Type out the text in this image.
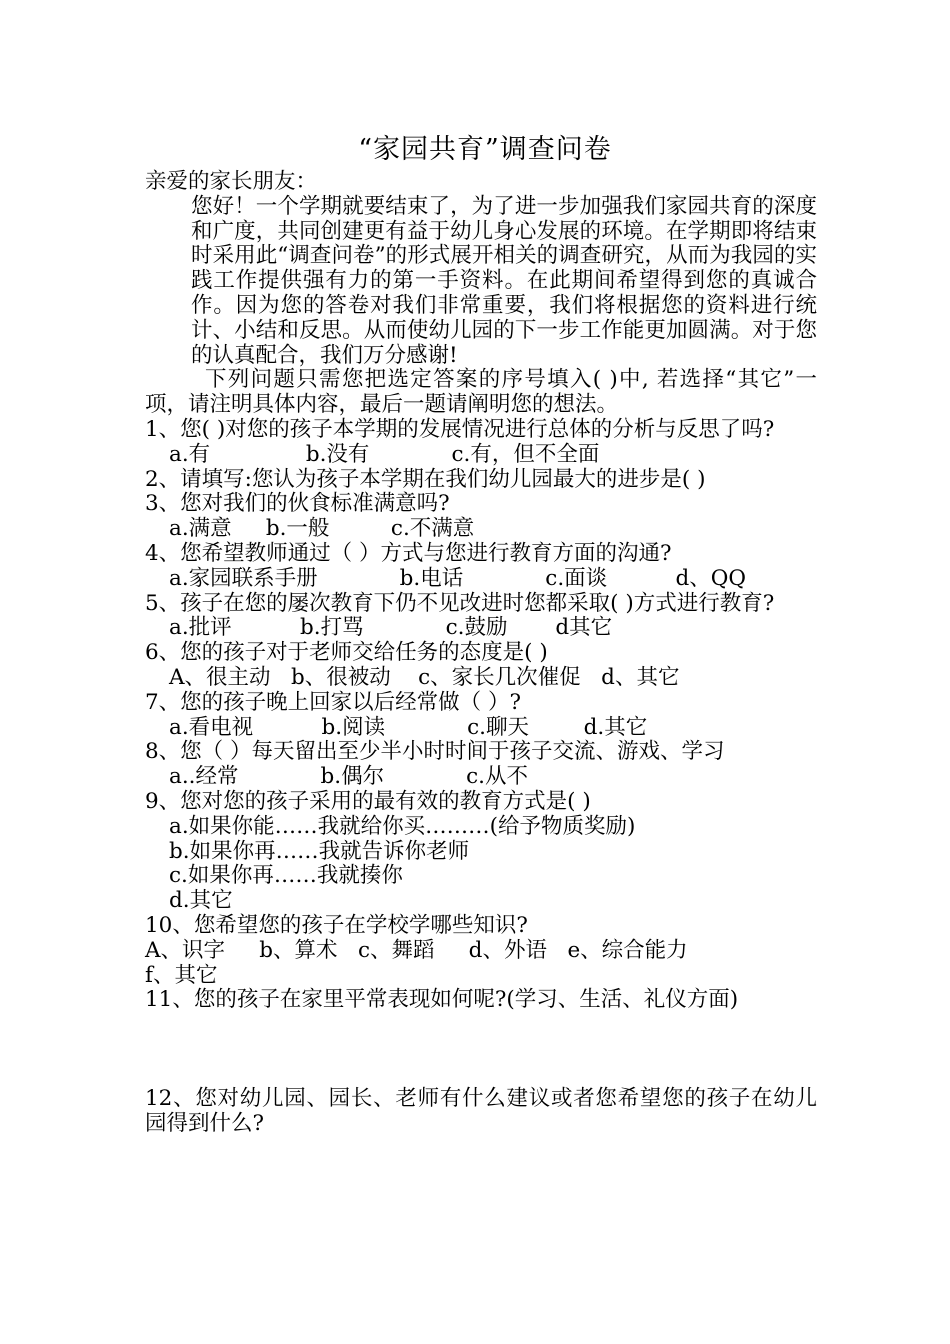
“家园共育”调查问卷
亲爱的家长朋友：
您好！一个学期就要结束了，为了进一步加强我们家园共育的深度和广度，共同创建更有益于幼儿身心发展的环境。在学期即将结束时采用此“调查问卷”的形式展开相关的调查研究，从而为我园的实践工作提供强有力的第一手资料。在此期间希望得到您的真诚合作。因为您的答卷对我们非常重要，我们将根据您的资料进行统计、小结和反思。从而使幼儿园的下一步工作能更加圆满。对于您的认真配合，我们万分感谢!
下列问题只需您把选定答案的序号填入( )中, 若选择“其它”一项，请注明具体内容，最后一题请阐明您的想法。
1、您( )对您的孩子本学期的发展情况进行总体的分析与反思了吗?
a.有              b.没有            c.有，但不全面
2、请填写:您认为孩子本学期在我们幼儿园最大的进步是( )
3、您对我们的伙食标准满意吗?
a.满意     b.一般         c.不满意
4、您希望教师通过（ ）方式与您进行教育方面的沟通?
a.家园联系手册            b.电话            c.面谈          d、QQ
5、孩子在您的屡次教育下仍不见改进时您都采取( )方式进行教育?
a.批评          b.打骂            c.鼓励       d其它
6、您的孩子对于老师交给任务的态度是( )
A、很主动   b、很被动    c、家长几次催促   d、其它
7、您的孩子晚上回家以后经常做（ ）?
a.看电视          b.阅读            c.聊天        d.其它
8、您（ ）每天留出至少半小时时间于孩子交流、游戏、学习
a..经常            b.偶尔            c.从不
9、您对您的孩子采用的最有效的教育方式是( )
a.如果你能……我就给你买………(给予物质奖励)
b.如果你再……我就告诉你老师
c.如果你再……我就揍你
d.其它
10、您希望您的孩子在学校学哪些知识?
A、识字     b、算术   c、舞蹈     d、外语   e、综合能力
f、其它
11、您的孩子在家里平常表现如何呢?(学习、生活、礼仪方面)
12、您对幼儿园、园长、老师有什么建议或者您希望您的孩子在幼儿园得到什么?
